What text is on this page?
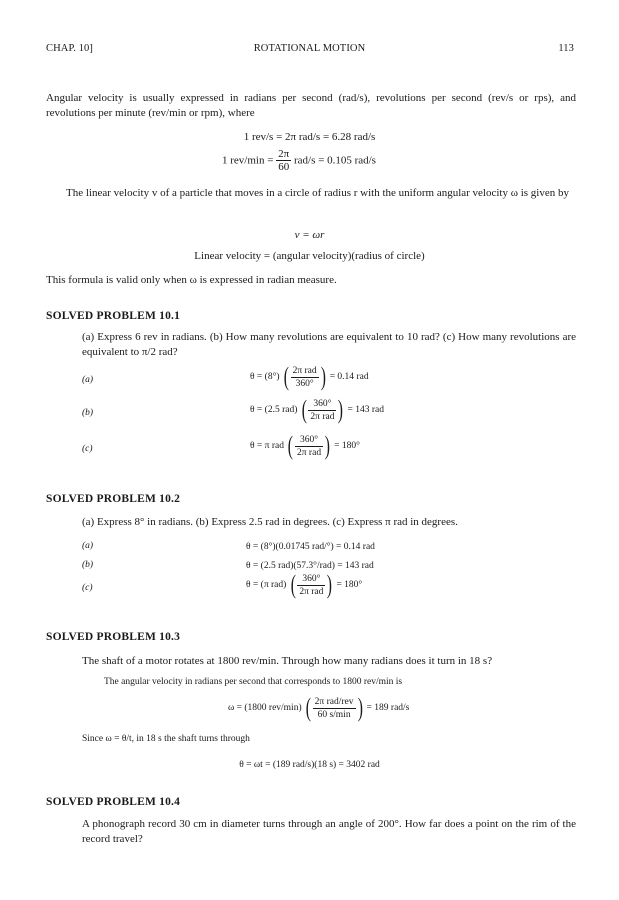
CHAP. 10]	ROTATIONAL MOTION	113
Angular velocity is usually expressed in radians per second (rad/s), revolutions per second (rev/s or rps), and revolutions per minute (rev/min or rpm), where
1 rev/s = 2π rad/s = 6.28 rad/s
1 $rev/\min = \frac{2\pi}{60} rad/s = 0.105$ rad/s
The linear velocity v of a particle that moves in a circle of radius r with the uniform angular velocity ω is given by
v = ωr
Linear velocity = (angular velocity)(radius of circle)
This formula is valid only when ω is expressed in radian measure.
SOLVED PROBLEM 10.1
(a) Express 6 rev in radians. (b) How many revolutions are equivalent to 10 rad? (c) How many revolutions are equivalent to π/2 rad?
(a)	θ = (8°) ( $\frac{\text{2π rad}}{360^\circ}$ ) = 0.14 rad
(b)	θ = (2.5 rad) ( $\frac{360^\circ}{\text{2π rad}}$ ) = 143 rad
(c)	θ = π rad ( $\frac{360^\circ}{\text{2π rad}}$ ) = 180°
SOLVED PROBLEM 10.2
(a) Express 8° in radians. (b) Express 2.5 rad in degrees. (c) Express π rad in degrees.
(a)	θ = (8°)(0.01745 rad/°) = 0.14 rad
(b)	θ = (2.5 rad)(57.3°/rad) = 143 rad
(c)	θ = (π rad) ( $\frac{360^\circ}{\text{2π rad}}$ ) = 180°
SOLVED PROBLEM 10.3
The shaft of a motor rotates at 1800 rev/min. Through how many radians does it turn in 18 s?
The angular velocity in radians per second that corresponds to 1800 rev/min is
ω = (1800 rev/min) ( $\frac{\text{2π rad/rev}}{60 s/\min}$ ) = 189 rad/s
Since ω = θ/t, in 18 s the shaft turns through
θ = ωt = (189 rad/s)(18 s) = 3402 rad
SOLVED PROBLEM 10.4
A phonograph record 30 cm in diameter turns through an angle of 200°. How far does a point on the rim of the record travel?
